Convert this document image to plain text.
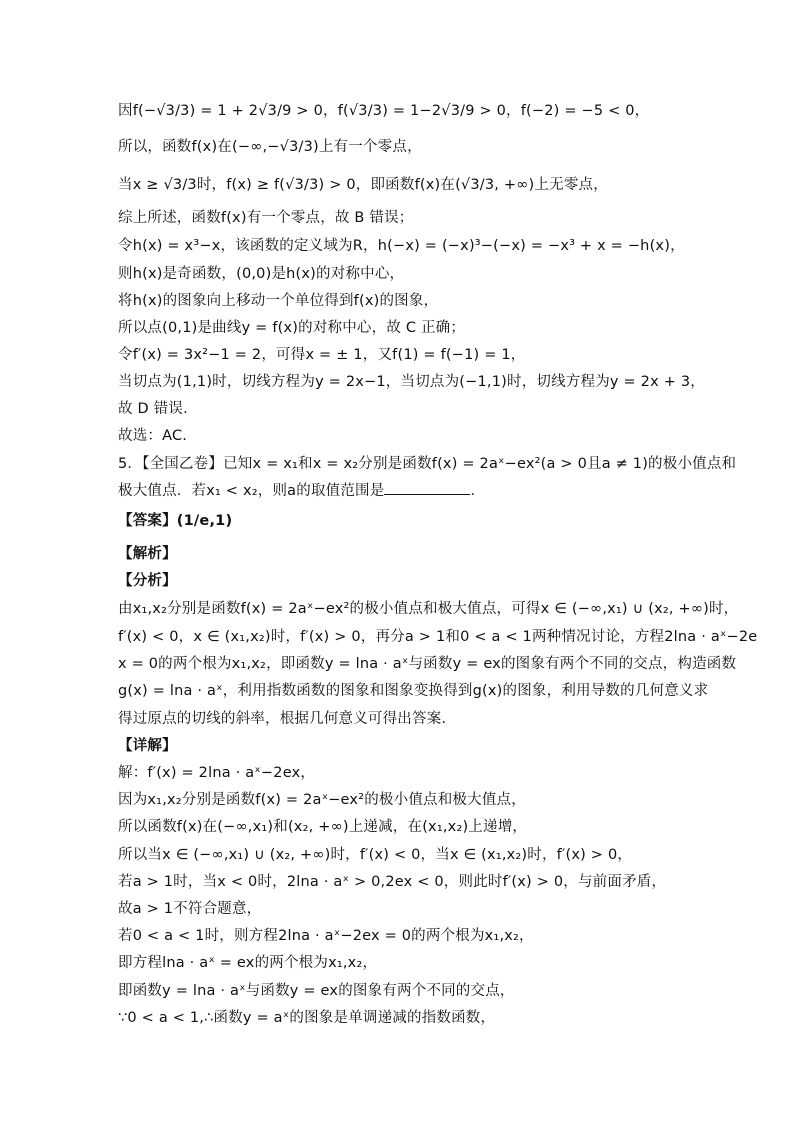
因f(−√3/3) = 1 + 2√3/9 > 0，f(√3/3) = 1−2√3/9 > 0，f(−2) = −5 < 0，
所以，函数f(x)在(−∞,−√3/3)上有一个零点，
当x ≥ √3/3时，f(x) ≥ f(√3/3) > 0，即函数f(x)在(√3/3, +∞)上无零点，
综上所述，函数f(x)有一个零点，故 B 错误；
令h(x) = x³−x，该函数的定义域为R，h(−x) = (−x)³−(−x) = −x³ + x = −h(x)，
则h(x)是奇函数，(0,0)是h(x)的对称中心，
将h(x)的图象向上移动一个单位得到f(x)的图象，
所以点(0,1)是曲线y = f(x)的对称中心，故 C 正确；
令f′(x) = 3x²−1 = 2，可得x = ± 1，又f(1) = f(−1) = 1，
当切点为(1,1)时，切线方程为y = 2x−1，当切点为(−1,1)时，切线方程为y = 2x + 3，
故 D 错误.
故选：AC.
5．【全国乙卷】已知x = x₁和x = x₂分别是函数f(x) = 2aˣ−ex²(a > 0且a ≠ 1)的极小值点和
极大值点．若x₁ < x₂，则a的取值范围是	．
【答案】(1/e,1)
【解析】
【分析】
由x₁,x₂分别是函数f(x) = 2aˣ−ex²的极小值点和极大值点，可得x ∈ (−∞,x₁) ∪ (x₂, +∞)时，
f′(x) < 0，x ∈ (x₁,x₂)时，f′(x) > 0，再分a > 1和0 < a < 1两种情况讨论，方程2lna · aˣ−2e
x = 0的两个根为x₁,x₂，即函数y = lna · aˣ与函数y = ex的图象有两个不同的交点，构造函数
g(x) = lna · aˣ，利用指数函数的图象和图象变换得到g(x)的图象，利用导数的几何意义求
得过原点的切线的斜率，根据几何意义可得出答案.
【详解】
解：f′(x) = 2lna · aˣ−2ex，
因为x₁,x₂分别是函数f(x) = 2aˣ−ex²的极小值点和极大值点，
所以函数f(x)在(−∞,x₁)和(x₂, +∞)上递减，在(x₁,x₂)上递增，
所以当x ∈ (−∞,x₁) ∪ (x₂, +∞)时，f′(x) < 0，当x ∈ (x₁,x₂)时，f′(x) > 0，
若a > 1时，当x < 0时，2lna · aˣ > 0,2ex < 0，则此时f′(x) > 0，与前面矛盾，
故a > 1不符合题意，
若0 < a < 1时，则方程2lna · aˣ−2ex = 0的两个根为x₁,x₂，
即方程lna · aˣ = ex的两个根为x₁,x₂，
即函数y = lna · aˣ与函数y = ex的图象有两个不同的交点，
∵0 < a < 1,∴函数y = aˣ的图象是单调递减的指数函数，
